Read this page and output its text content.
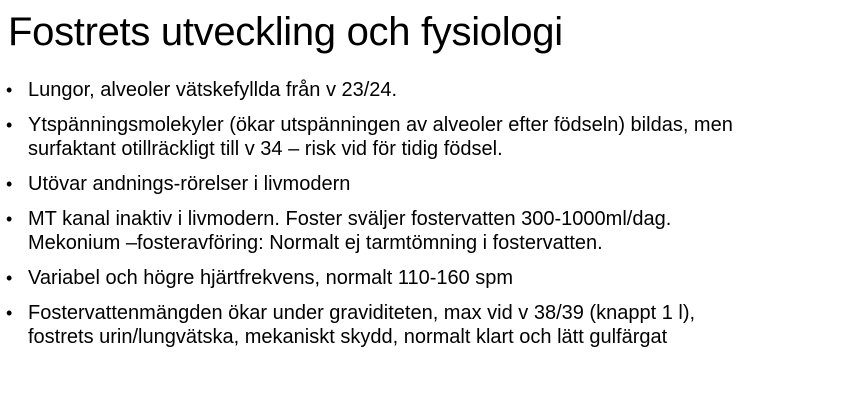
Fostrets utveckling och fysiologi
• Lungor, alveoler vätskefyllda från v 23/24.
• Ytspänningsmolekyler (ökar utspänningen av alveoler efter födseln) bildas, men
surfaktant otillräckligt till v 34 – risk vid för tidig födsel.
• Utövar andnings-rörelser i livmodern
• MT kanal inaktiv i livmodern. Foster sväljer fostervatten 300-1000ml/dag.
Mekonium –fosteravföring: Normalt ej tarmtömning i fostervatten.
• Variabel och högre hjärtfrekvens, normalt 110-160 spm
• Fostervattenmängden ökar under graviditeten, max vid v 38/39 (knappt 1 l),
fostrets urin/lungvätska, mekaniskt skydd, normalt klart och lätt gulfärgat
